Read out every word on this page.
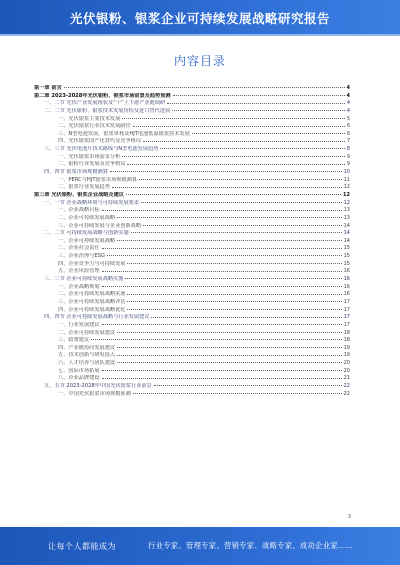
光伏银粉、银浆企业可持续发展战略研究报告
内容目录
第一章 前言	4
第二章 2023-2028年光伏银粉、银浆市场前景及趋势预测	4
一、二节 光伏产业发展现状及“十”上下游产业链调研	4
二、二节 光伏银粉、银浆技术发展历程及进口替代进展	4
一、光伏银浆主要技术发展	5
二、光伏银浆行业技术发展路径	6
三、N型电池发展，银浆单耗及HJT电池低温银浆技术发展	6
四、光伏银浆国产化替代及竞争格局	7
三、三节 光伏电池片技术路线与N型电池发展趋势	8
一、光伏银浆市场需求分析	9
二、银粉行业发展及竞争格局	9
四、四节 银浆市场规模测算	10
一、PERC与HJT银浆市场规模测算	11
二、银浆行业发展趋势	12
第三章 光伏银粉、银浆企业战略及建议	12
一、一节 企业战略环境与可持续发展要求	12
一、企业战略目标	13
二、企业可持续发展战略	13
三、企业可持续发展与企业创新战略	14
二、二节 可持续发展战略与创新实施	14
一、企业可持续发展战略	14
二、企业社会责任	15
三、企业治理与ESG	15
四、企业竞争力与可持续发展	15
五、企业风险管理	16
三、三节 企业可持续发展战略实施	16
一、企业战略规划	16
二、企业可持续发展战略实施	16
三、企业可持续发展战略评估	17
四、企业可持续发展战略优化	17
四、四节 企业可持续发展战略与行业发展建议	17
一、行业发展建议	17
二、企业可持续发展建议	18
三、政策建议	18
四、产业链协同发展建议	19
五、技术创新与研发投入	19
六、人才培养与团队建设	20
七、国际市场拓展	20
八、企业品牌建设	21
五、五节 2023-2028年中国光伏银浆行业前景	22
一、中国光伏银浆市场规模预测	22
3
让每个人都能成为	行业专家、管理专家、营销专家、战略专家、成功企业家……
